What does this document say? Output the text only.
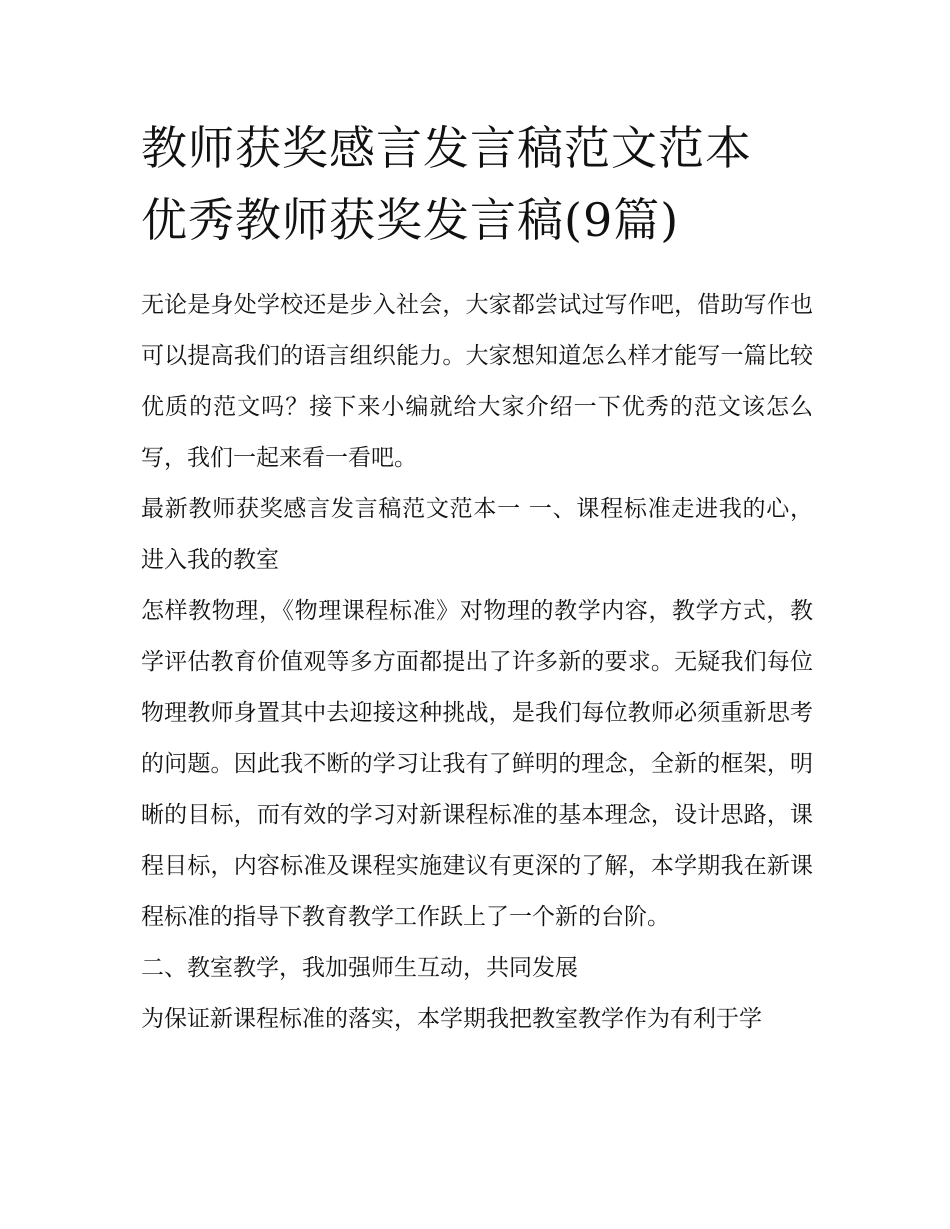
教师获奖感言发言稿范文范本
优秀教师获奖发言稿(9篇)

无论是身处学校还是步入社会，大家都尝试过写作吧，借助写作也可以提高我们的语言组织能力。大家想知道怎么样才能写一篇比较优质的范文吗？接下来小编就给大家介绍一下优秀的范文该怎么写，我们一起来看一看吧。

最新教师获奖感言发言稿范文范本一 一、课程标准走进我的心，进入我的教室

怎样教物理，《物理课程标准》对物理的教学内容，教学方式，教学评估教育价值观等多方面都提出了许多新的要求。无疑我们每位物理教师身置其中去迎接这种挑战，是我们每位教师必须重新思考的问题。因此我不断的学习让我有了鲜明的理念，全新的框架，明晰的目标，而有效的学习对新课程标准的基本理念，设计思路，课程目标，内容标准及课程实施建议有更深的了解，本学期我在新课程标准的指导下教育教学工作跃上了一个新的台阶。

二、教室教学，我加强师生互动，共同发展

为保证新课程标准的落实，本学期我把教室教学作为有利于学
